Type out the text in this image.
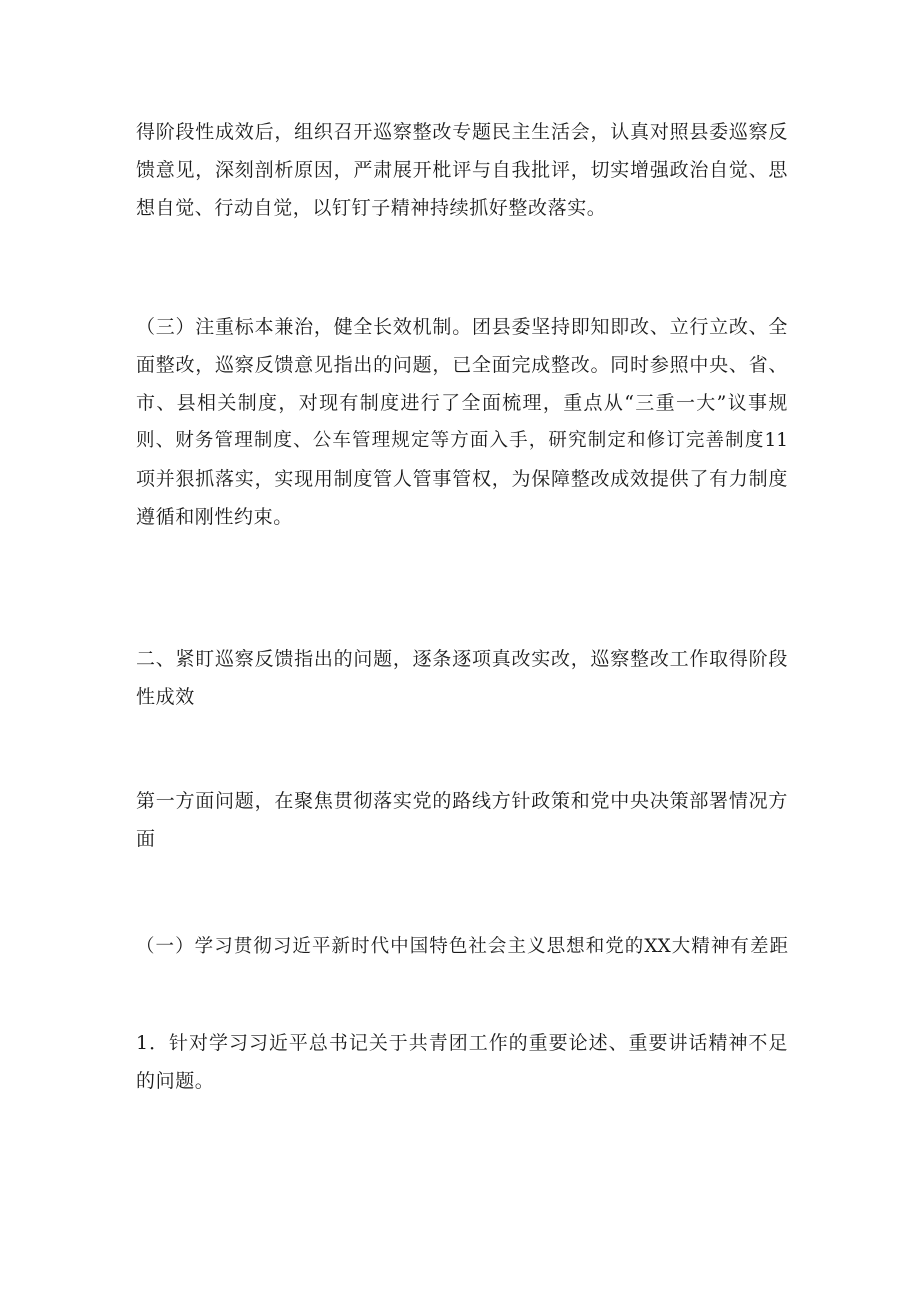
得阶段性成效后，组织召开巡察整改专题民主生活会，认真对照县委巡察反
馈意见，深刻剖析原因，严肃展开枇评与自我批评，切实增强政治自觉、思
想自觉、行动自觉，以钉钉子精神持续抓好整改落实。
（三）注重标本兼治，健全长效机制。团县委坚持即知即改、立行立改、全
面整改，巡察反馈意见指出的问题，已全面完成整改。同时参照中央、省、
市、县相关制度，对现有制度进行了全面梳理，重点从“三重一大”议事规
则、财务管理制度、公车管理规定等方面入手，研究制定和修订完善制度11
项并狠抓落实，实现用制度管人管事管权，为保障整改成效提供了有力制度
遵循和刚性约束。
二、紧盯巡察反馈指出的问题，逐条逐项真改实改，巡察整改工作取得阶段
性成效
第一方面问题，在聚焦贯彻落实党的路线方针政策和党中央决策部署情况方
面
（一）学习贯彻习近平新时代中国特色社会主义思想和党的XX大精神有差距
1．针对学习习近平总书记关于共青团工作的重要论述、重要讲话精神不足
的问题。
